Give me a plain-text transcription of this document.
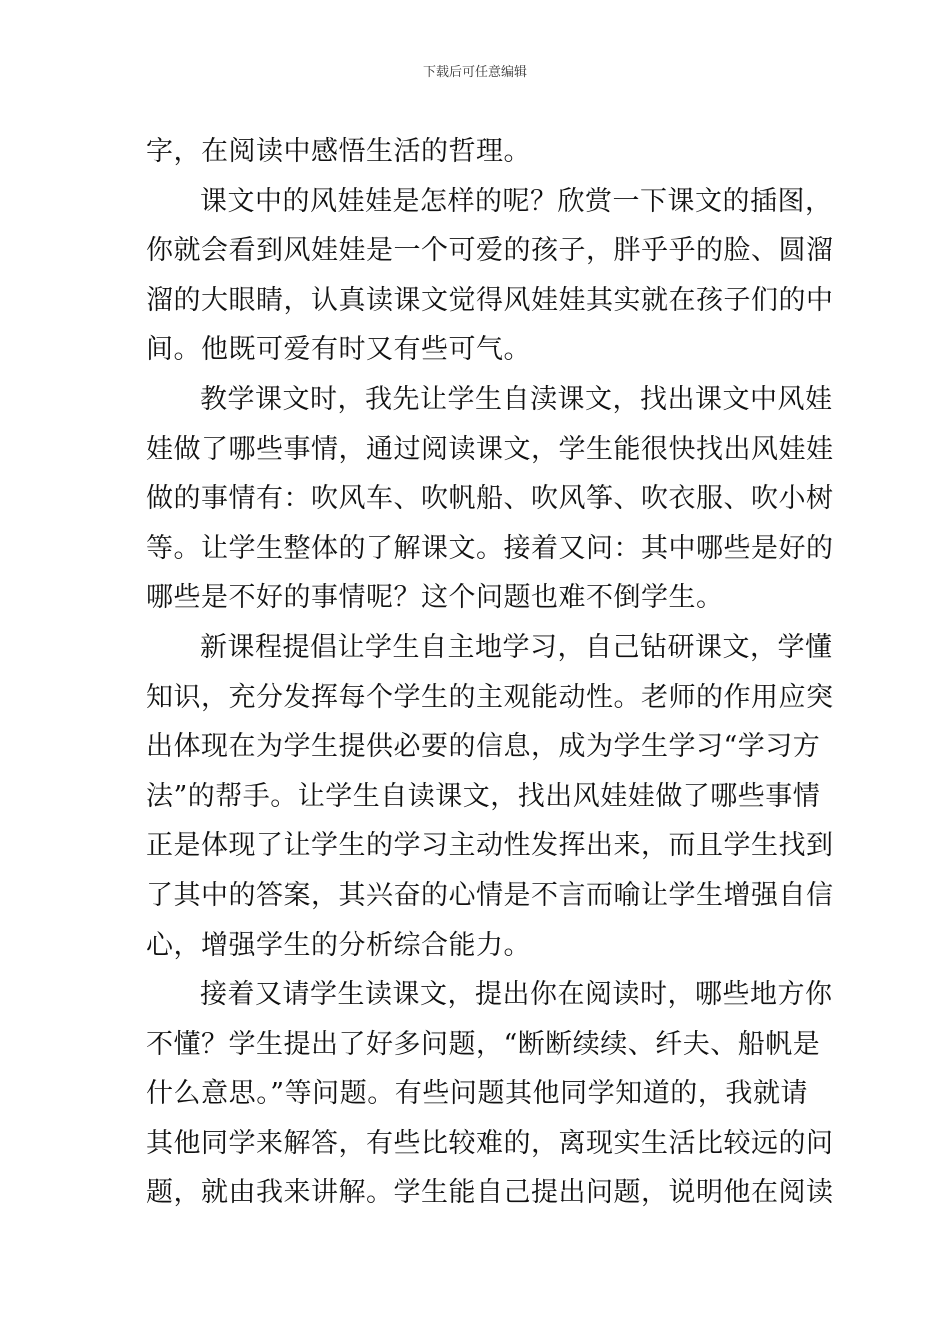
下载后可任意编辑
字，在阅读中感悟生活的哲理。
课文中的风娃娃是怎样的呢？欣赏一下课文的插图，
你就会看到风娃娃是一个可爱的孩子，胖乎乎的脸、圆溜
溜的大眼睛，认真读课文觉得风娃娃其实就在孩子们的中
间。他既可爱有时又有些可气。
教学课文时，我先让学生自渎课文，找出课文中风娃
娃做了哪些事情，通过阅读课文，学生能很快找出风娃娃
做的事情有：吹风车、吹帆船、吹风筝、吹衣服、吹小树
等。让学生整体的了解课文。接着又问：其中哪些是好的
哪些是不好的事情呢？这个问题也难不倒学生。
新课程提倡让学生自主地学习，自己钻研课文，学懂
知识，充分发挥每个学生的主观能动性。老师的作用应突
出体现在为学生提供必要的信息，成为学生学习“学习方
法”的帮手。让学生自读课文，找出风娃娃做了哪些事情
正是体现了让学生的学习主动性发挥出来，而且学生找到
了其中的答案，其兴奋的心情是不言而喻让学生增强自信
心，增强学生的分析综合能力。
接着又请学生读课文，提出你在阅读时，哪些地方你
不懂？学生提出了好多问题，“断断续续、纤夫、船帆是
什么意思。”等问题。有些问题其他同学知道的，我就请
其他同学来解答，有些比较难的，离现实生活比较远的问
题，就由我来讲解。学生能自己提出问题，说明他在阅读
